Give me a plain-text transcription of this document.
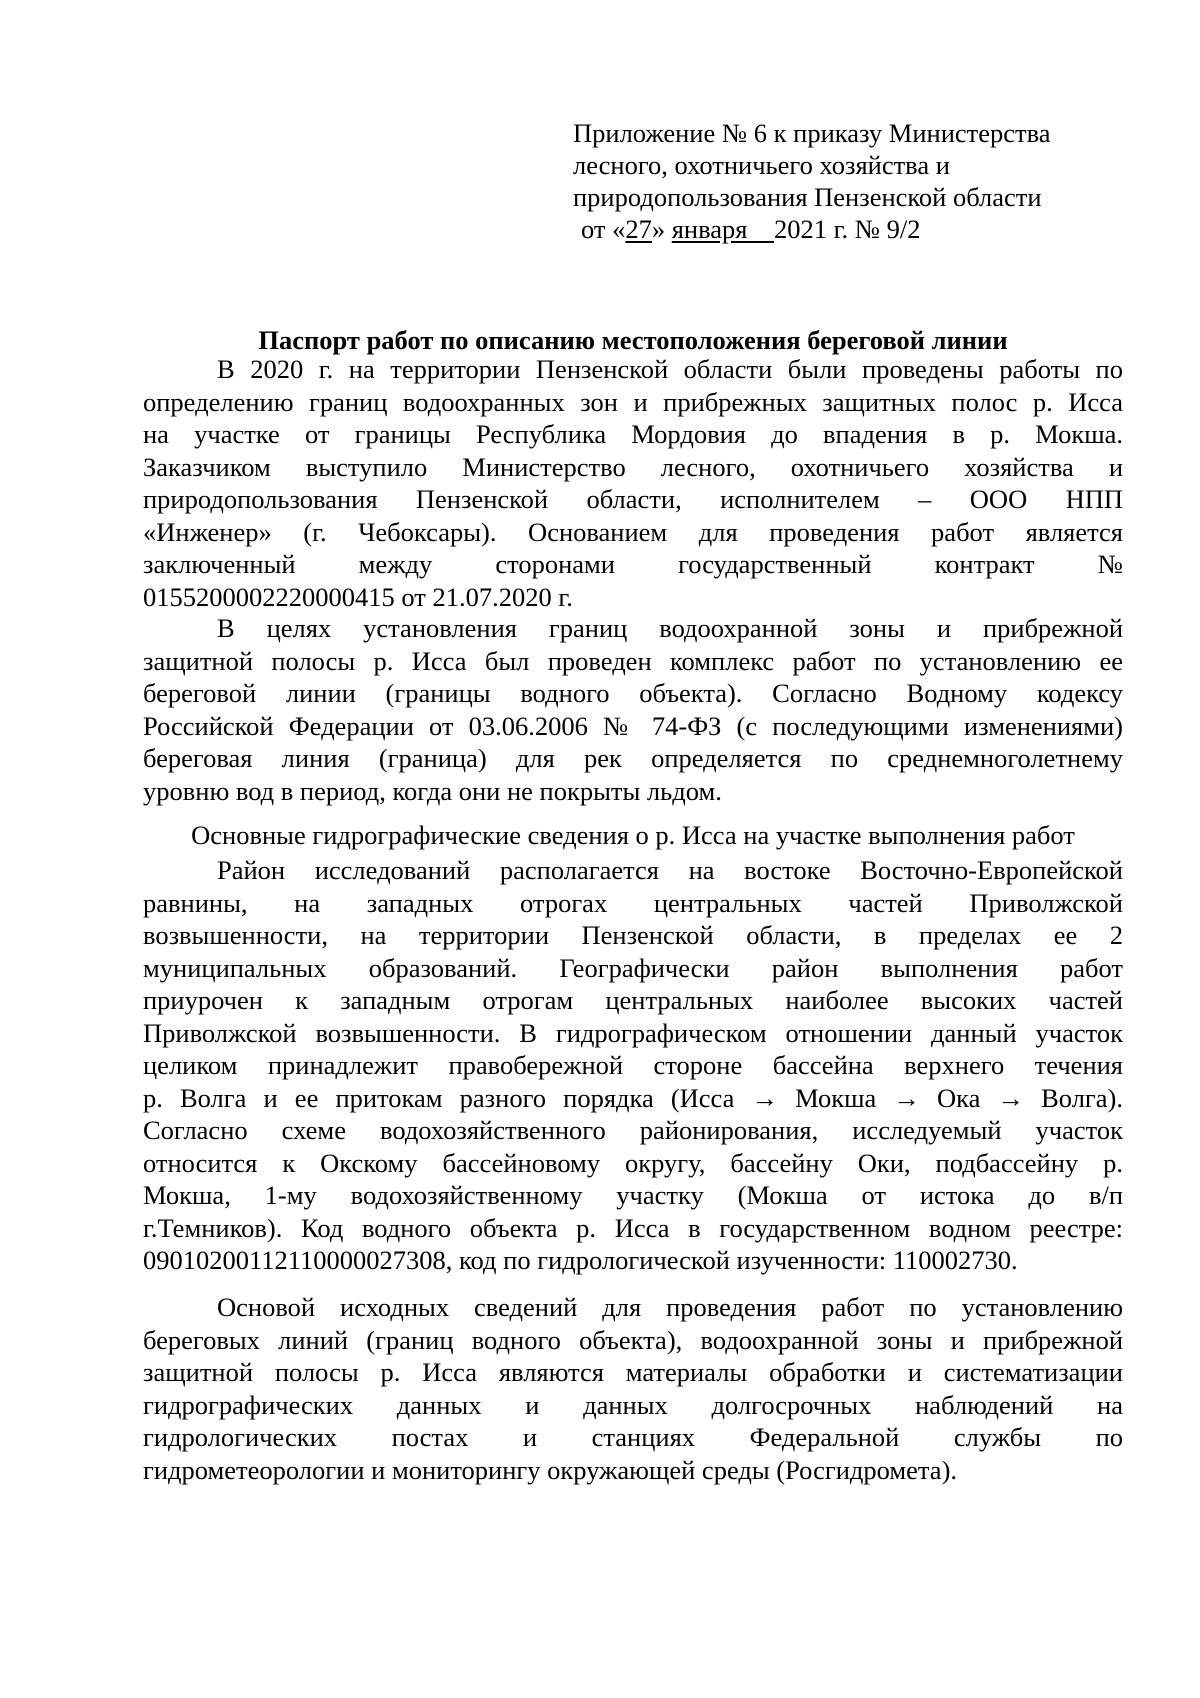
Приложение № 6 к приказу Министерства
лесного, охотничьего хозяйства и
природопользования Пензенской области
от «27» января    2021 г. № 9/2
Паспорт работ по описанию местоположения береговой линии
В 2020 г. на территории Пензенской области были проведены работы по
определению границ водоохранных зон и прибрежных защитных полос р. Исса
на участке от границы Республика Мордовия до впадения в р. Мокша.
Заказчиком выступило Министерство лесного, охотничьего хозяйства и
природопользования Пензенской области, исполнителем – ООО НПП
«Инженер» (г. Чебоксары). Основанием для проведения работ является
заключенный между сторонами государственный контракт №
0155200002220000415 от 21.07.2020 г.
В целях установления границ водоохранной зоны и прибрежной
защитной полосы р. Исса был проведен комплекс работ по установлению ее
береговой линии (границы водного объекта). Согласно Водному кодексу
Российской Федерации от 03.06.2006 № 74-ФЗ (с последующими изменениями)
береговая линия (граница) для рек определяется по среднемноголетнему
уровню вод в период, когда они не покрыты льдом.
Основные гидрографические сведения о р. Исса на участке выполнения работ
Район исследований располагается на востоке Восточно-Европейской
равнины, на западных отрогах центральных частей Приволжской
возвышенности, на территории Пензенской области, в пределах ее 2
муниципальных образований. Географически район выполнения работ
приурочен к западным отрогам центральных наиболее высоких частей
Приволжской возвышенности. В гидрографическом отношении данный участок
целиком принадлежит правобережной стороне бассейна верхнего течения
р. Волга и ее притокам разного порядка (Исса → Мокша → Ока → Волга).
Согласно схеме водохозяйственного районирования, исследуемый участок
относится к Окскому бассейновому округу, бассейну Оки, подбассейну р.
Мокша, 1-му водохозяйственному участку (Мокша от истока до в/п
г.Темников). Код водного объекта р. Исса в государственном водном реестре:
09010200112110000027308, код по гидрологической изученности: 110002730.
Основой исходных сведений для проведения работ по установлению
береговых линий (границ водного объекта), водоохранной зоны и прибрежной
защитной полосы р. Исса являются материалы обработки и систематизации
гидрографических данных и данных долгосрочных наблюдений на
гидрологических постах и станциях Федеральной службы по
гидрометеорологии и мониторингу окружающей среды (Росгидромета).
